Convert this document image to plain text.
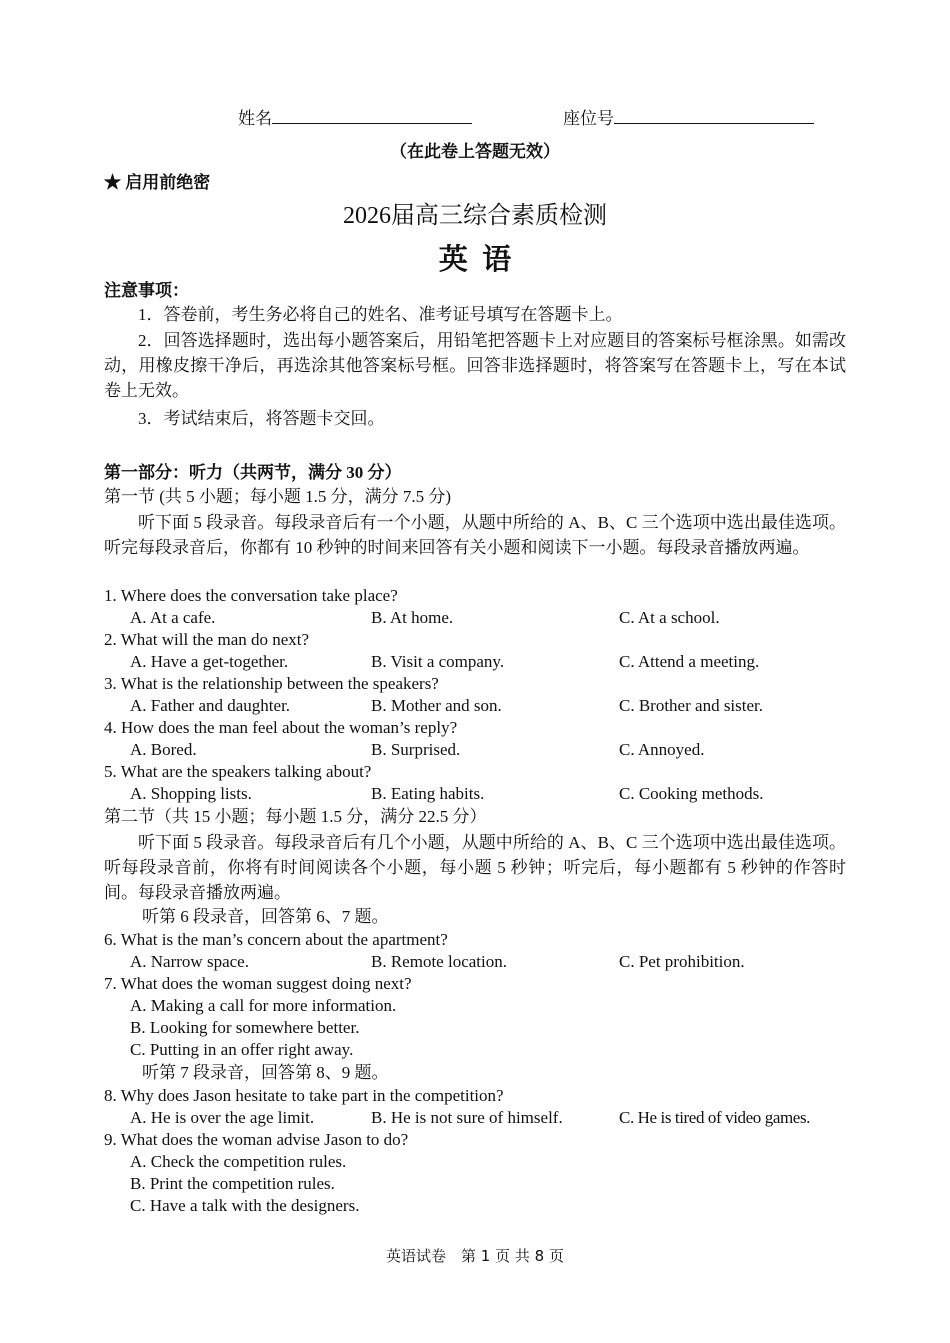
姓名	座位号
（在此卷上答题无效）
★ 启用前绝密
2026届高三综合素质检测
英  语
注意事项：
1．答卷前，考生务必将自己的姓名、准考证号填写在答题卡上。
2．回答选择题时，选出每小题答案后，用铅笔把答题卡上对应题目的答案标号框涂黑。如需改动，用橡皮擦干净后，再选涂其他答案标号框。回答非选择题时，将答案写在答题卡上，写在本试卷上无效。
3．考试结束后，将答题卡交回。
第一部分：听力（共两节，满分 30 分）
第一节 (共 5 小题；每小题 1.5 分，满分 7.5 分)
听下面 5 段录音。每段录音后有一个小题，从题中所给的 A、B、C 三个选项中选出最佳选项。听完每段录音后，你都有 10 秒钟的时间来回答有关小题和阅读下一小题。每段录音播放两遍。
1. Where does the conversation take place?
A. At a cafe.	B. At home.	C. At a school.
2. What will the man do next?
A. Have a get-together.	B. Visit a company.	C. Attend a meeting.
3. What is the relationship between the speakers?
A. Father and daughter.	B. Mother and son.	C. Brother and sister.
4. How does the man feel about the woman’s reply?
A. Bored.	B. Surprised.	C. Annoyed.
5. What are the speakers talking about?
A. Shopping lists.	B. Eating habits.	C. Cooking methods.
第二节（共 15 小题；每小题 1.5 分，满分 22.5 分）
听下面 5 段录音。每段录音后有几个小题，从题中所给的 A、B、C 三个选项中选出最佳选项。听每段录音前，你将有时间阅读各个小题，每小题 5 秒钟；听完后，每小题都有 5 秒钟的作答时间。每段录音播放两遍。
听第 6 段录音，回答第 6、7 题。
6. What is the man’s concern about the apartment?
A. Narrow space.	B. Remote location.	C. Pet prohibition.
7. What does the woman suggest doing next?
A. Making a call for more information.
B. Looking for somewhere better.
C. Putting in an offer right away.
听第 7 段录音，回答第 8、9 题。
8. Why does Jason hesitate to take part in the competition?
A. He is over the age limit.	B. He is not sure of himself.	C. He is tired of video games.
9. What does the woman advise Jason to do?
A. Check the competition rules.
B. Print the competition rules.
C. Have a talk with the designers.
英语试卷　第 1 页 共 8 页
